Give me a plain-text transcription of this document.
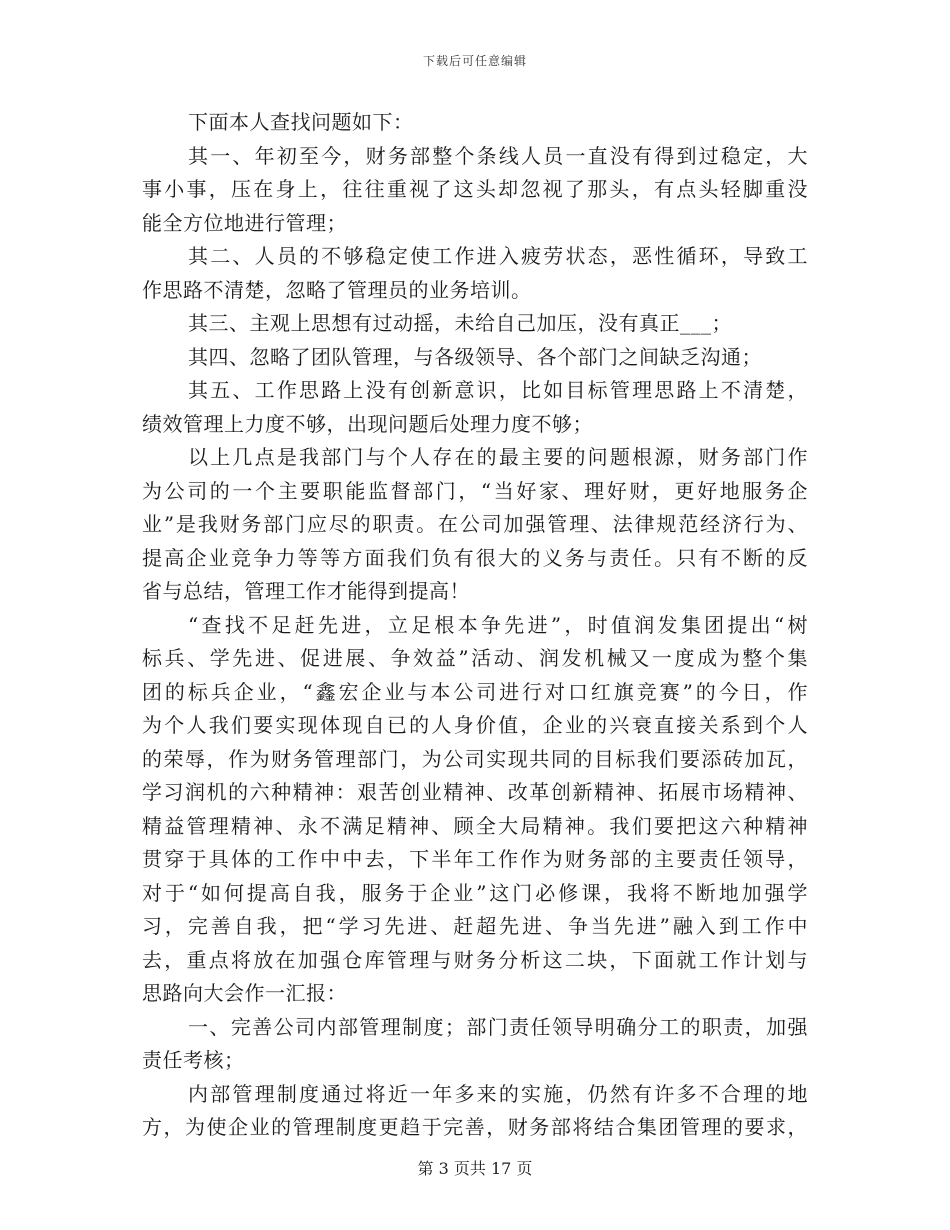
下载后可任意编辑
下面本人查找问题如下：
其一、年初至今，财务部整个条线人员一直没有得到过稳定，大
事小事，压在身上，往往重视了这头却忽视了那头，有点头轻脚重没
能全方位地进行管理；
其二、人员的不够稳定使工作进入疲劳状态，恶性循环，导致工
作思路不清楚，忽略了管理员的业务培训。
其三、主观上思想有过动摇，未给自己加压，没有真正___；
其四、忽略了团队管理，与各级领导、各个部门之间缺乏沟通；
其五、工作思路上没有创新意识，比如目标管理思路上不清楚，
绩效管理上力度不够，出现问题后处理力度不够；
以上几点是我部门与个人存在的最主要的问题根源，财务部门作
为公司的一个主要职能监督部门，“当好家、理好财，更好地服务企
业”是我财务部门应尽的职责。在公司加强管理、法律规范经济行为、
提高企业竞争力等等方面我们负有很大的义务与责任。只有不断的反
省与总结，管理工作才能得到提高！
“查找不足赶先进，立足根本争先进”，时值润发集团提出“树
标兵、学先进、促进展、争效益”活动、润发机械又一度成为整个集
团的标兵企业，“鑫宏企业与本公司进行对口红旗竞赛”的今日，作
为个人我们要实现体现自已的人身价值，企业的兴衰直接关系到个人
的荣辱，作为财务管理部门，为公司实现共同的目标我们要添砖加瓦，
学习润机的六种精神：艰苦创业精神、改革创新精神、拓展市场精神、
精益管理精神、永不满足精神、顾全大局精神。我们要把这六种精神
贯穿于具体的工作中中去，下半年工作作为财务部的主要责任领导，
对于“如何提高自我，服务于企业”这门必修课，我将不断地加强学
习，完善自我，把“学习先进、赶超先进、争当先进”融入到工作中
去，重点将放在加强仓库管理与财务分析这二块，下面就工作计划与
思路向大会作一汇报：
一、完善公司内部管理制度；部门责任领导明确分工的职责，加强
责任考核；
内部管理制度通过将近一年多来的实施，仍然有许多不合理的地
方，为使企业的管理制度更趋于完善，财务部将结合集团管理的要求，
第 3 页共 17 页
